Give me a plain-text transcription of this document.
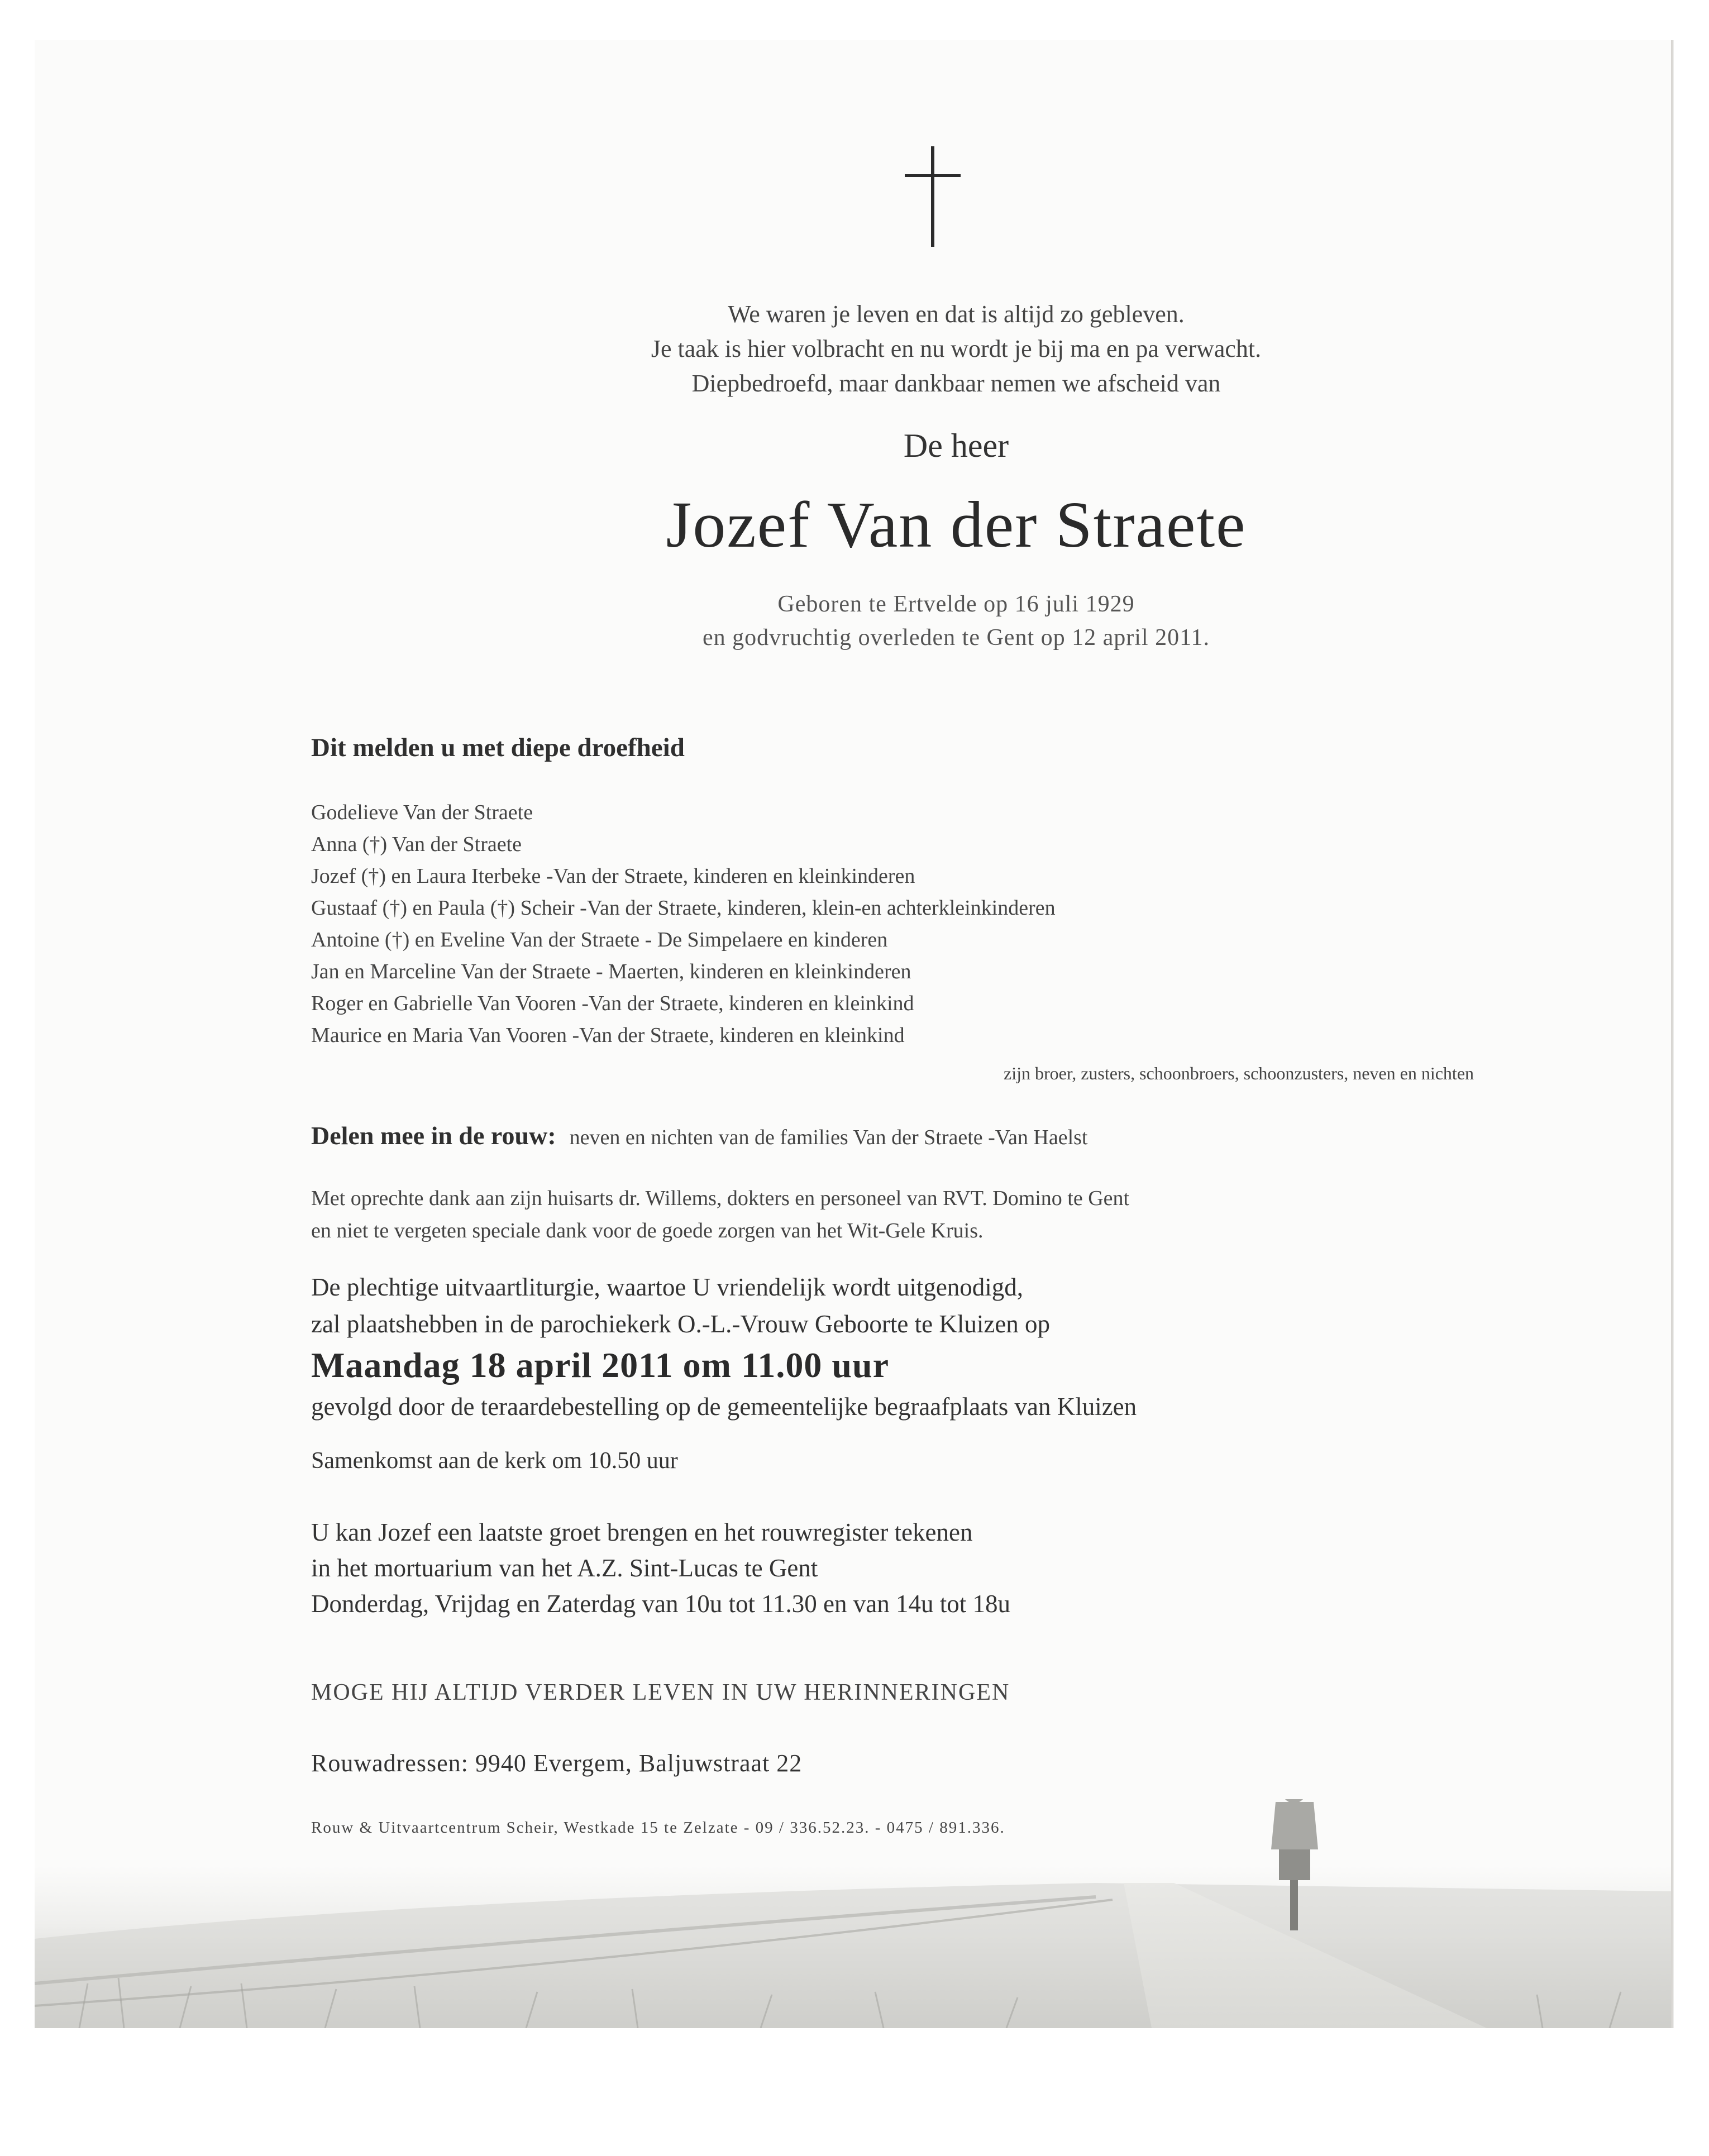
We waren je leven en dat is altijd zo gebleven.
Je taak is hier volbracht en nu wordt je bij ma en pa verwacht.
Diepbedroefd, maar dankbaar nemen we afscheid van
De heer
Jozef Van der Straete
Geboren te Ertvelde op 16 juli 1929
en godvruchtig overleden te Gent op 12 april 2011.
Dit melden u met diepe droefheid
Godelieve Van der Straete
Anna (†) Van der Straete
Jozef (†) en Laura Iterbeke -Van der Straete, kinderen en kleinkinderen
Gustaaf (†) en Paula (†) Scheir -Van der Straete, kinderen, klein-en achterkleinkinderen
Antoine (†) en Eveline Van der Straete - De Simpelaere en kinderen
Jan en Marceline Van der Straete - Maerten, kinderen en kleinkinderen
Roger en Gabrielle Van Vooren -Van der Straete, kinderen en kleinkind
Maurice en Maria Van Vooren -Van der Straete, kinderen en kleinkind
zijn broer, zusters, schoonbroers, schoonzusters, neven en nichten
Delen mee in de rouw: neven en nichten van de families Van der Straete -Van Haelst
Met oprechte dank aan zijn huisarts dr. Willems, dokters en personeel van RVT. Domino te Gent
en niet te vergeten speciale dank voor de goede zorgen van het Wit-Gele Kruis.
De plechtige uitvaartliturgie, waartoe U vriendelijk wordt uitgenodigd,
zal plaatshebben in de parochiekerk O.-L.-Vrouw Geboorte te Kluizen op
Maandag 18 april 2011 om 11.00 uur
gevolgd door de teraardebestelling op de gemeentelijke begraafplaats van Kluizen
Samenkomst aan de kerk om 10.50 uur
U kan Jozef een laatste groet brengen en het rouwregister tekenen
in het mortuarium van het A.Z. Sint-Lucas te Gent
Donderdag, Vrijdag en Zaterdag van 10u tot 11.30 en van 14u tot 18u
MOGE HIJ ALTIJD VERDER LEVEN IN UW HERINNERINGEN
Rouwadressen: 9940 Evergem, Baljuwstraat 22
Rouw & Uitvaartcentrum Scheir, Westkade 15 te Zelzate - 09 / 336.52.23. - 0475 / 891.336.
